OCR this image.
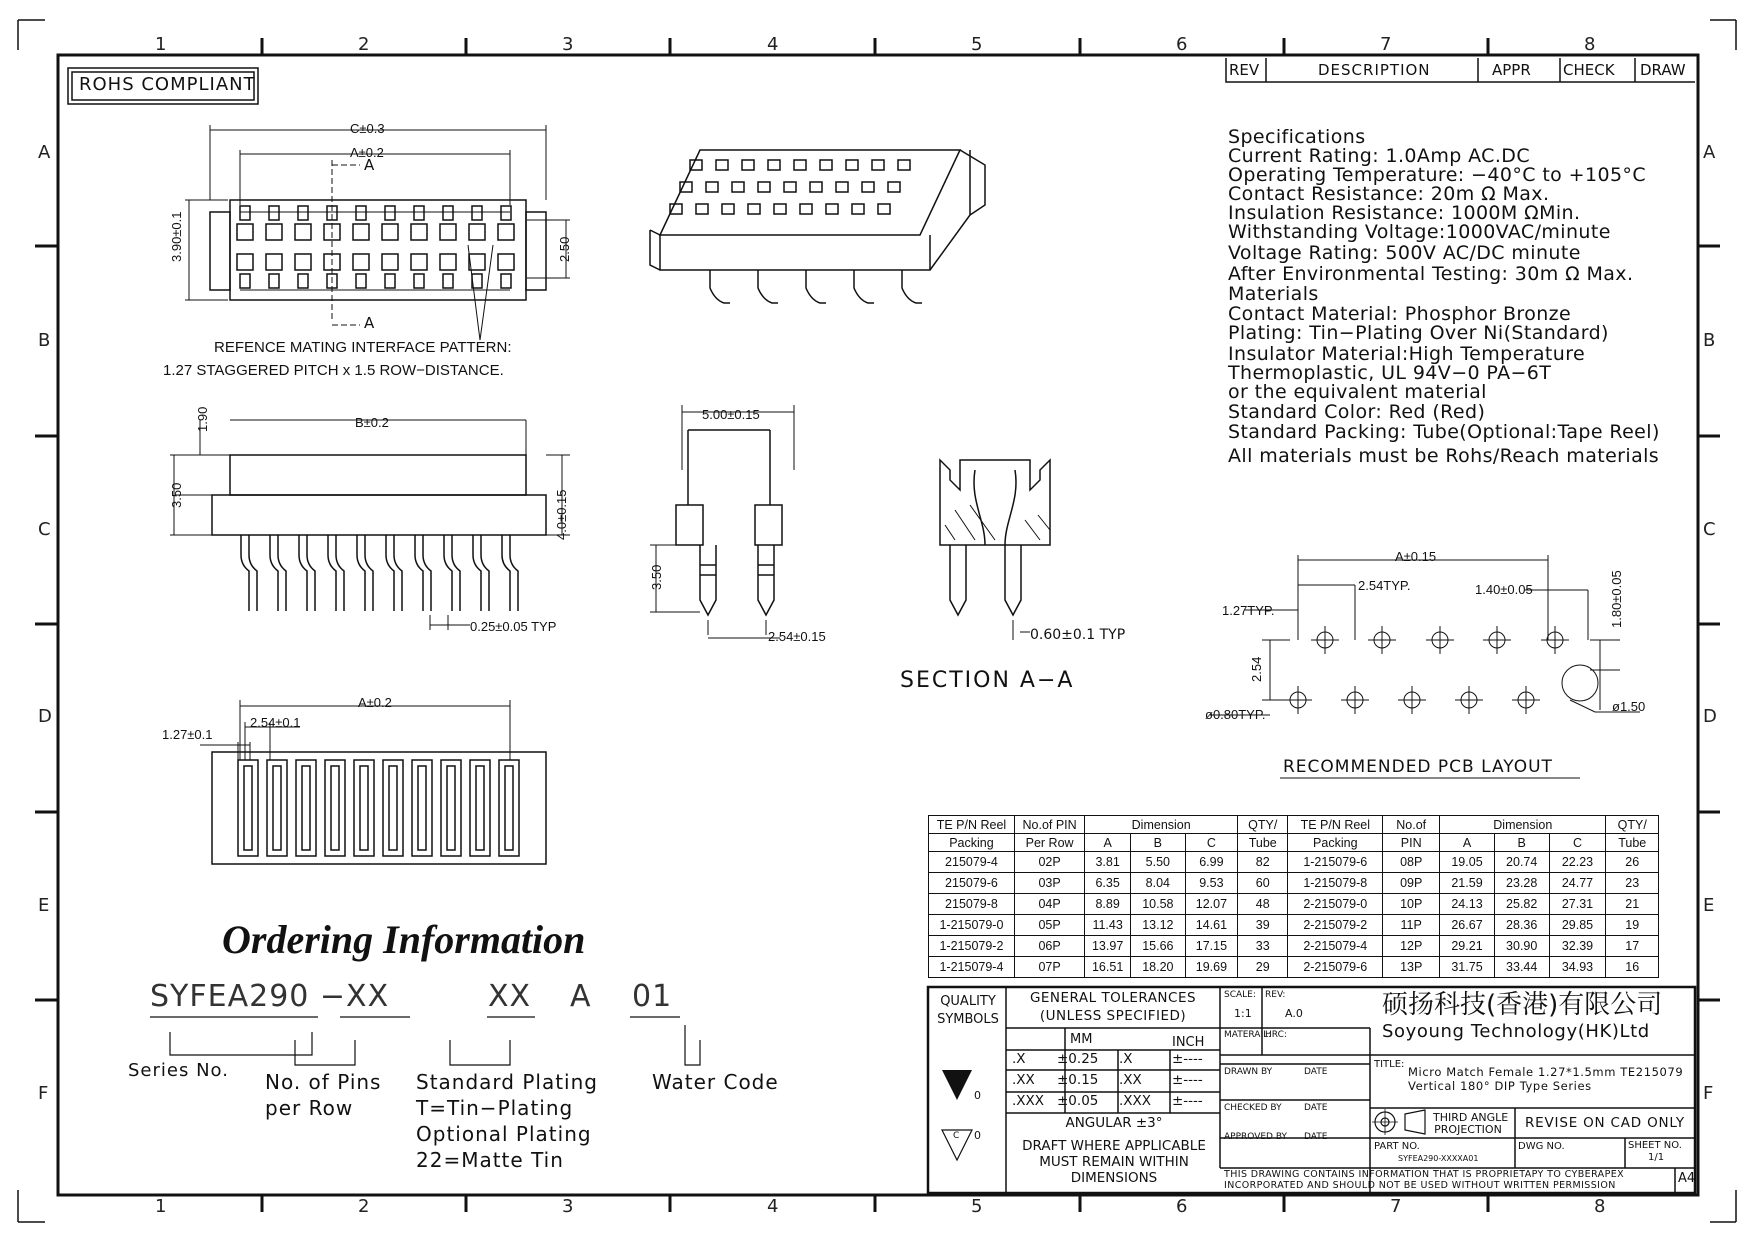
1	2	3	4	5	6	7	8
1	2	3	4	5	6	7	8
A
B
C
D
E
F
A
B
C
D
E
F
ROHS COMPLIANT
REV	DESCRIPTION	APPR CHECK DRAW
Specifications
Current Rating: 1.0Amp AC.DC
Operating Temperature: −40°C to +105°C
Contact Resistance: 20m Ω Max.
Insulation Resistance: 1000M ΩMin.
Withstanding Voltage:1000VAC/minute
Voltage Rating: 500V AC/DC minute
After Environmental Testing: 30m Ω Max.
Materials
Contact Material: Phosphor Bronze
Plating: Tin−Plating Over Ni(Standard)
Insulator Material:High Temperature
Thermoplastic, UL 94V−0 PA−6T
or the equivalent material
Standard Color: Red (Red)
Standard Packing: Tube(Optional:Tape Reel)
All materials must be Rohs/Reach materials
C±0.3
A±0.2
A
A
3.90±0.1	2.50
REFENCE MATING INTERFACE PATTERN:
1.27 STAGGERED PITCH x 1.5 ROW−DISTANCE.
B±0.2
1.90
3.50	4.0±0.15
0.25±0.05 TYP
A±0.2
2.54±0.1
1.27±0.1
5.00±0.15
3.50
2.54±0.15	0.60±0.1 TYP
SECTION A−A
A±0.15
2.54TYP.	1.40±0.05	1.80±0.05
1.27TYP.
2.54
ø0.80TYP.
ø1.50
RECOMMENDED PCB LAYOUT
Ordering Information
SYFEA290 −XX	XX A 01
Series No. No. of Pins
per Row
Standard Plating
T=Tin−Plating
Optional Plating
22=Matte Tin
Water Code
TE P/N Reel	No.of PIN	Dimension			QTY/	TE P/N Reel	No.of	Dimension			QTY/
Packing	Per Row	A	B	C	Tube	Packing	PIN	A	B	C	Tube
215079-4	02P	3.81	5.50	6.99	82	1-215079-6	08P	19.05	20.74	22.23	26
215079-6	03P	6.35	8.04	9.53	60	1-215079-8	09P	21.59	23.28	24.77	23
215079-8	04P	8.89	10.58	12.07	48	2-215079-0	10P	24.13	25.82	27.31	21
1-215079-0	05P	11.43	13.12	14.61	39	2-215079-2	11P	26.67	28.36	29.85	19
1-215079-2	06P	13.97	15.66	17.15	33	2-215079-4	12P	29.21	30.90	32.39	17
1-215079-4	07P	16.51	18.20	19.69	29	2-215079-6	13P	31.75	33.44	34.93	16
QUALITY SYMBOLS
GENERAL TOLERANCES
(UNLESS SPECIFIED)
MM	INCH
.X ±0.25 .X	±----
.XX ±0.15 .XX ±----
.XXX ±0.05 .XXX ±----
ANGULAR ±3°
DRAFT WHERE APPLICABLE MUST REMAIN WITHIN DIMENSIONS
0
0
C
SCALE:
1:1
REV:
A.0
MATERAIL:
HRC:
DRAWN BY	DATE
CHECKED BY DATE
APPROVED BY DATE
硕扬科技(香港)有限公司
Soyoung Technology(HK)Ltd
TITLE:
Micro Match Female 1.27*1.5mm TE215079
Vertical 180° DIP Type Series
THIRD ANGLE
PROJECTION REVISE ON CAD ONLY
PART NO.
SYFEA290-XXXXA01
DWG NO.	SHEET NO.
1/1
THIS DRAWING CONTAINS INFORMATION THAT IS PROPRIETAPY TO CYBERAPEX
INCORPORATED AND SHOULD NOT BE USED WITHOUT WRITTEN PERMISSION	A4
